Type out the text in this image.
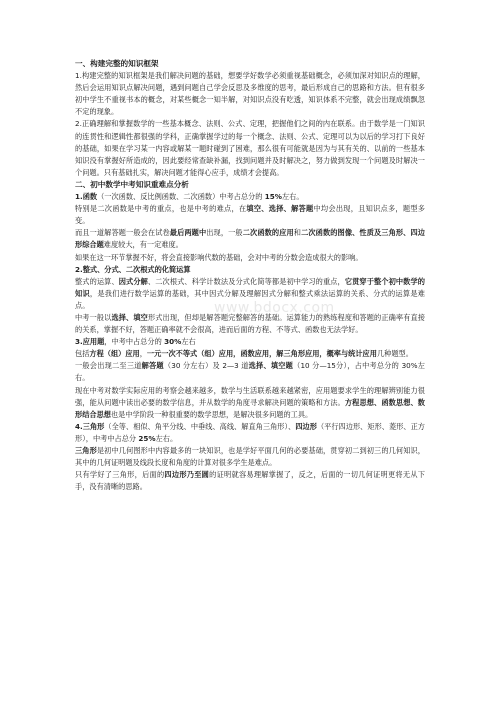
一、构建完整的知识框架

1.构建完整的知识框架是我们解决问题的基础，想要学好数学必须重视基础概念，必须加深对知识点的理解，然后会运用知识点解决问题，遇到问题自己学会反思及多维度的思考，最后形成自己的思路和方法。但有很多初中学生不重视书本的概念，对某些概念一知半解，对知识点没有吃透，知识体系不完整，就会出现成绩飘忽不定的现象。

2.正确理解和掌握数学的一些基本概念、法则、公式、定理，把握他们之间的内在联系。由于数学是一门知识的连贯性和逻辑性都很强的学科，正确掌握学过的每一个概念、法则、公式、定理可以为以后的学习打下良好的基础，如果在学习某一内容或解某一题时碰到了困难，那么很有可能就是因为与其有关的、以前的一些基本知识没有掌握好所造成的，因此要经常查缺补漏，找到问题并及时解决之，努力做到发现一个问题及时解决一个问题。只有基础扎实，解决问题才能得心应手，成绩才会提高。

二、初中数学中考知识重难点分析

1.函数（一次函数、反比例函数、二次函数）中考占总分的 15%左右。

特别是二次函数是中考的重点，也是中考的难点，在填空、选择、解答题中均会出现，且知识点多，题型多变。

而且一道解答题一般会在试卷最后两题中出现，一般二次函数的应用和二次函数的图像、性质及三角形、四边形综合题难度较大，有一定难度。

如果在这一环节掌握不好，将会直接影响代数的基础，会对中考的分数会造成很大的影响。

2.整式、分式、二次根式的化简运算

整式的运算、因式分解、二次根式、科学计数法及分式化简等都是初中学习的重点，它贯穿于整个初中数学的知识，是我们进行数学运算的基础，其中因式分解及理解因式分解和整式乘法运算的关系、分式的运算是难点。

中考一般以选择、填空形式出现，但却是解答题完整解答的基础。运算能力的熟练程度和答题的正确率有直接的关系，掌握不好，答题正确率就不会很高，进而后面的方程、不等式、函数也无法学好。

3.应用题，中考中占总分的 30%左右

包括方程（组）应用，一元一次不等式（组）应用，函数应用，解三角形应用，概率与统计应用几种题型。

一般会出现二至三道解答题（30 分左右）及 2—3 道选择、填空题（10 分—15分），占中考总分的 30%左右。

现在中考对数学实际应用的考察会越来越多，数学与生活联系越来越紧密，应用题要求学生的理解辨别能力很强，能从问题中读出必要的数学信息，并从数学的角度寻求解决问题的策略和方法。方程思想、函数思想、数形结合思想也是中学阶段一种很重要的数学思想，是解决很多问题的工具。

4.三角形（全等、相似、角平分线、中垂线、高线、解直角三角形）、四边形（平行四边形、矩形、菱形、正方形），中考中占总分 25%左右。

三角形是初中几何图形中内容最多的一块知识，也是学好平面几何的必要基础，贯穿初二到初三的几何知识，其中的几何证明题及线段长度和角度的计算对很多学生是难点。

只有学好了三角形，后面的四边形乃至圆的证明就容易理解掌握了，反之，后面的一切几何证明更将无从下手，没有清晰的思路。

www.bdocx.com
